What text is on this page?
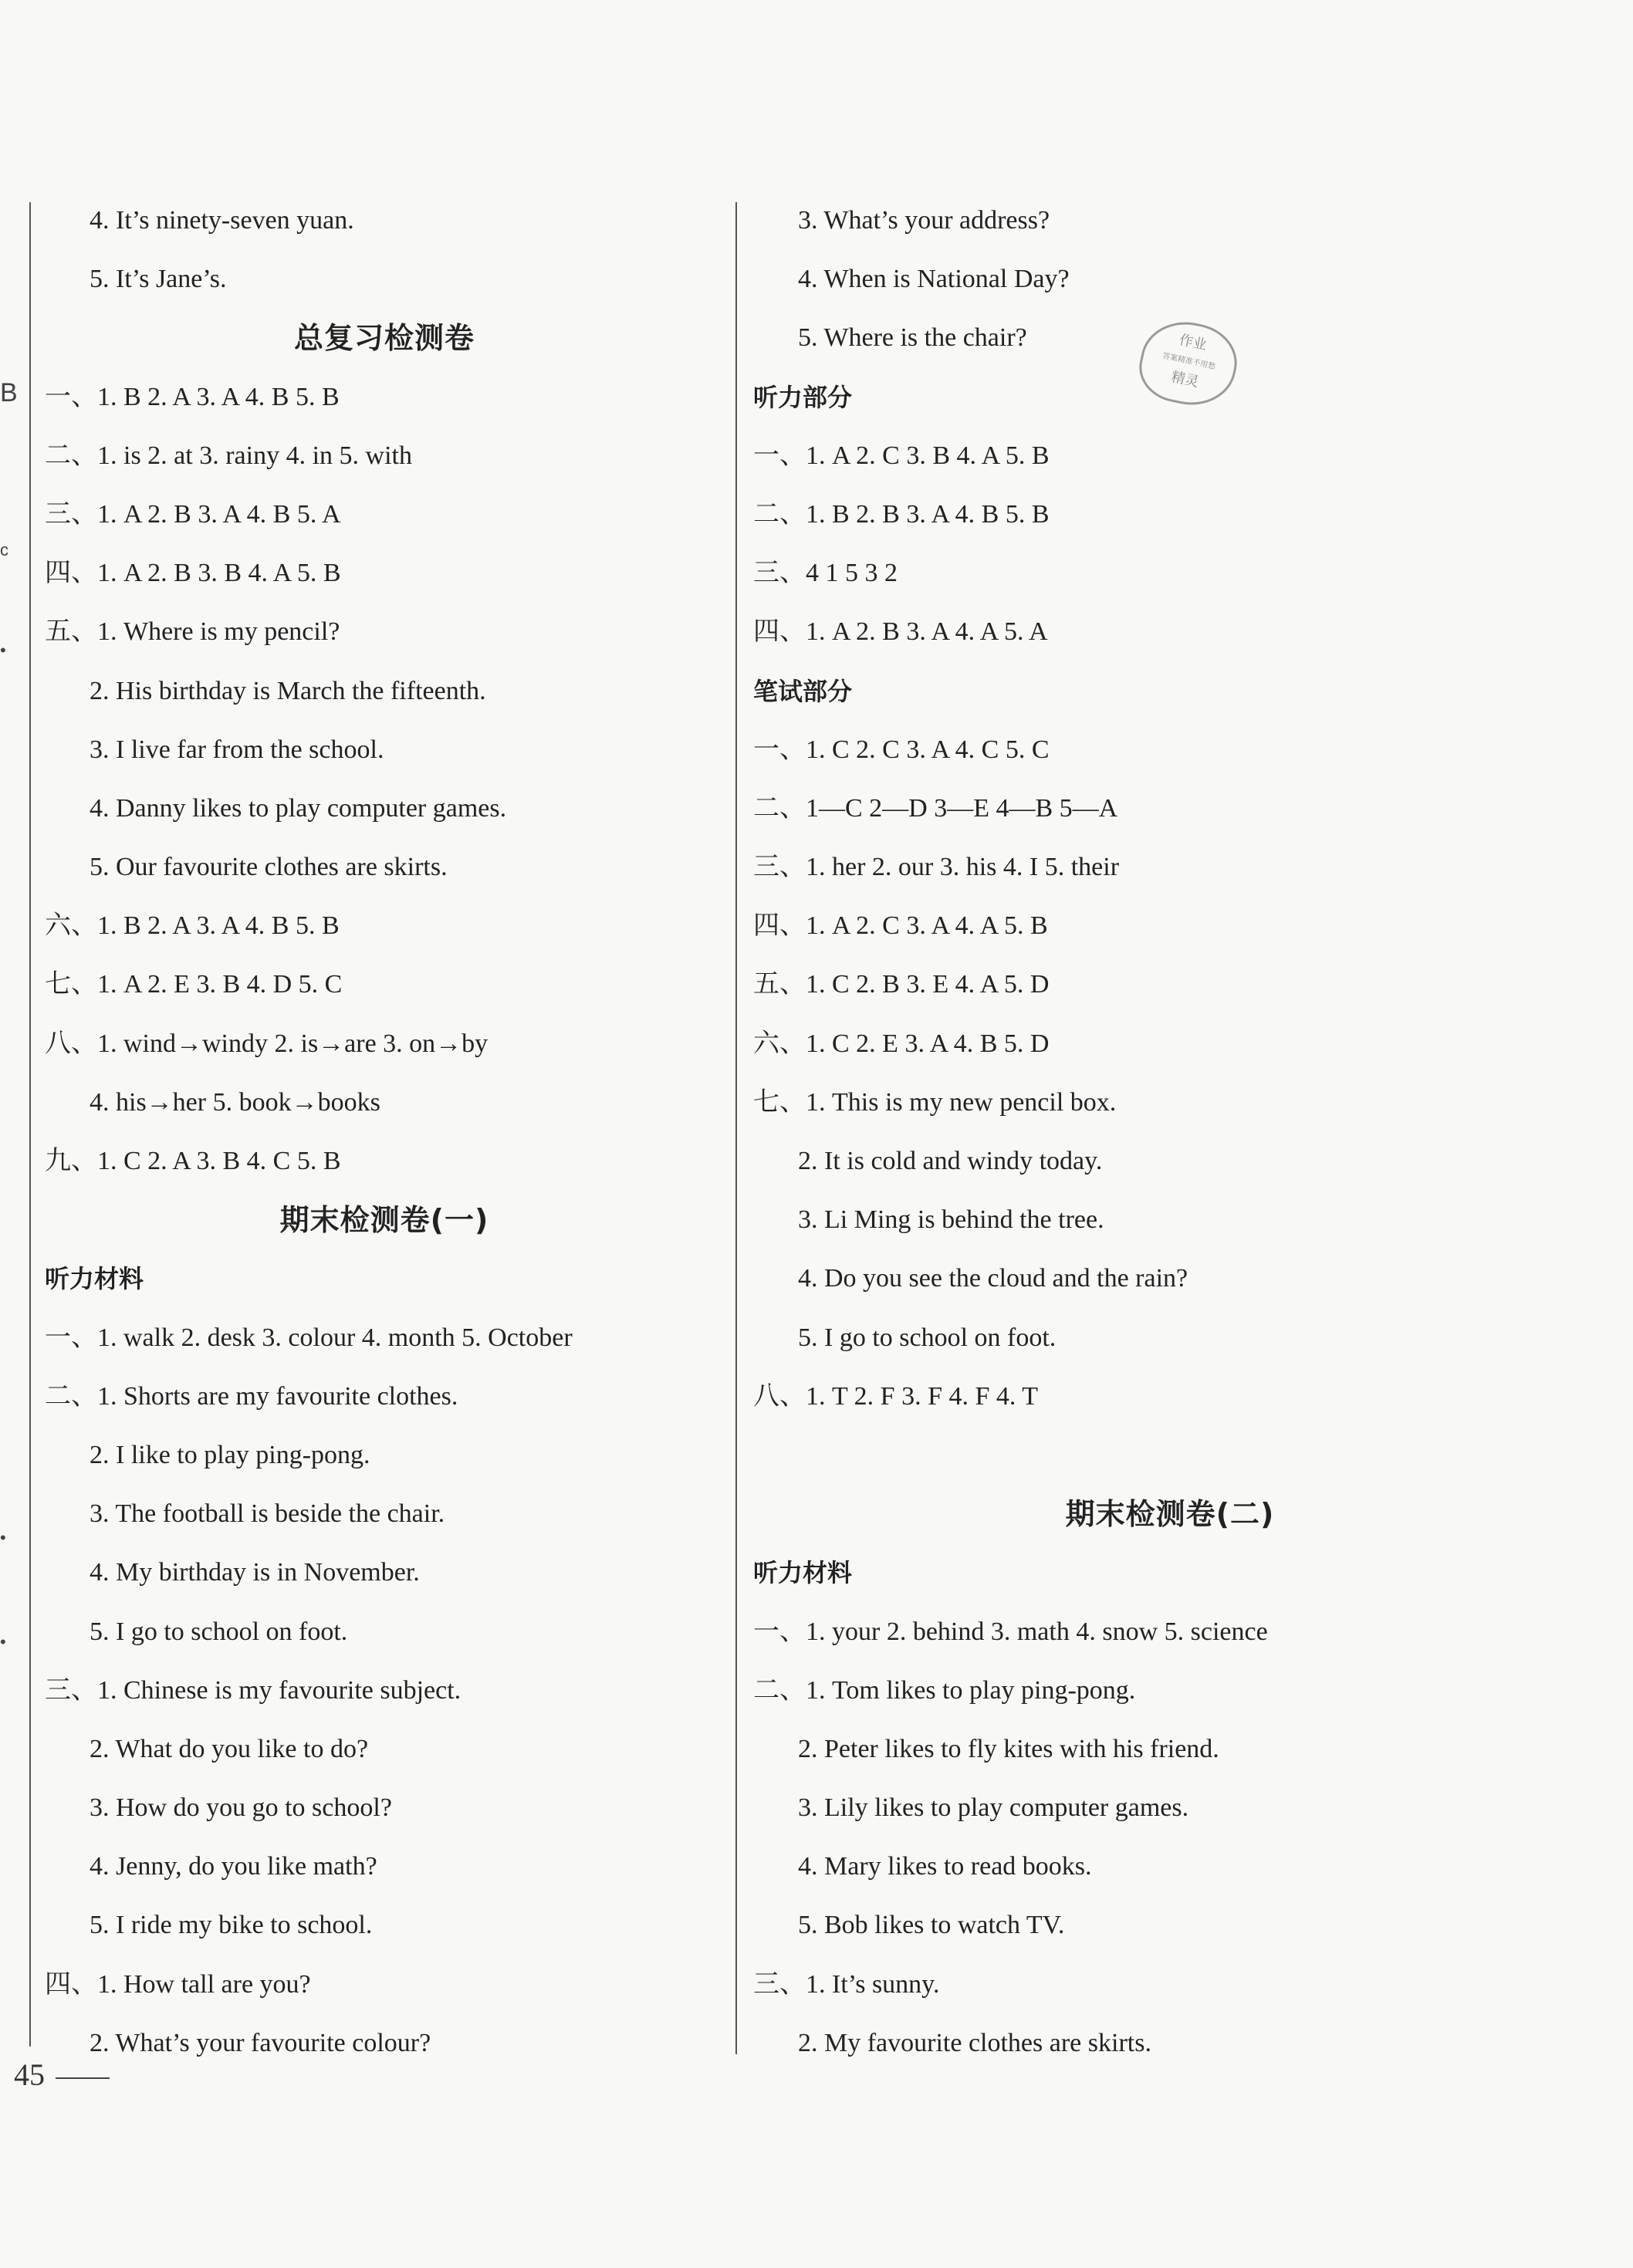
B
c
•
•
•
4. It’s ninety-seven yuan.
5. It’s Jane’s.
总复习检测卷
一、1. B 2. A 3. A 4. B 5. B
二、1. is 2. at 3. rainy 4. in 5. with
三、1. A 2. B 3. A 4. B 5. A
四、1. A 2. B 3. B 4. A 5. B
五、1. Where is my pencil?
2. His birthday is March the fifteenth.
3. I live far from the school.
4. Danny likes to play computer games.
5. Our favourite clothes are skirts.
六、1. B 2. A 3. A 4. B 5. B
七、1. A 2. E 3. B 4. D 5. C
八、1. wind→windy 2. is→are 3. on→by
4. his→her 5. book→books
九、1. C 2. A 3. B 4. C 5. B
期末检测卷(一)
听力材料
一、1. walk 2. desk 3. colour 4. month 5. October
二、1. Shorts are my favourite clothes.
2. I like to play ping-pong.
3. The football is beside the chair.
4. My birthday is in November.
5. I go to school on foot.
三、1. Chinese is my favourite subject.
2. What do you like to do?
3. How do you go to school?
4. Jenny, do you like math?
5. I ride my bike to school.
四、1. How tall are you?
2. What’s your favourite colour?
3. What’s your address?
4. When is National Day?
5. Where is the chair?
听力部分
一、1. A 2. C 3. B 4. A 5. B
二、1. B 2. B 3. A 4. B 5. B
三、4 1 5 3 2
四、1. A 2. B 3. A 4. A 5. A
笔试部分
一、1. C 2. C 3. A 4. C 5. C
二、1—C 2—D 3—E 4—B 5—A
三、1. her 2. our 3. his 4. I 5. their
四、1. A 2. C 3. A 4. A 5. B
五、1. C 2. B 3. E 4. A 5. D
六、1. C 2. E 3. A 4. B 5. D
七、1. This is my new pencil box.
2. It is cold and windy today.
3. Li Ming is behind the tree.
4. Do you see the cloud and the rain?
5. I go to school on foot.
八、1. T 2. F 3. F 4. F 4. T
期末检测卷(二)
听力材料
一、1. your 2. behind 3. math 4. snow 5. science
二、1. Tom likes to play ping-pong.
2. Peter likes to fly kites with his friend.
3. Lily likes to play computer games.
4. Mary likes to read books.
5. Bob likes to watch TV.
三、1. It’s sunny.
2. My favourite clothes are skirts.
作业
答案精准不用愁
精灵
45
